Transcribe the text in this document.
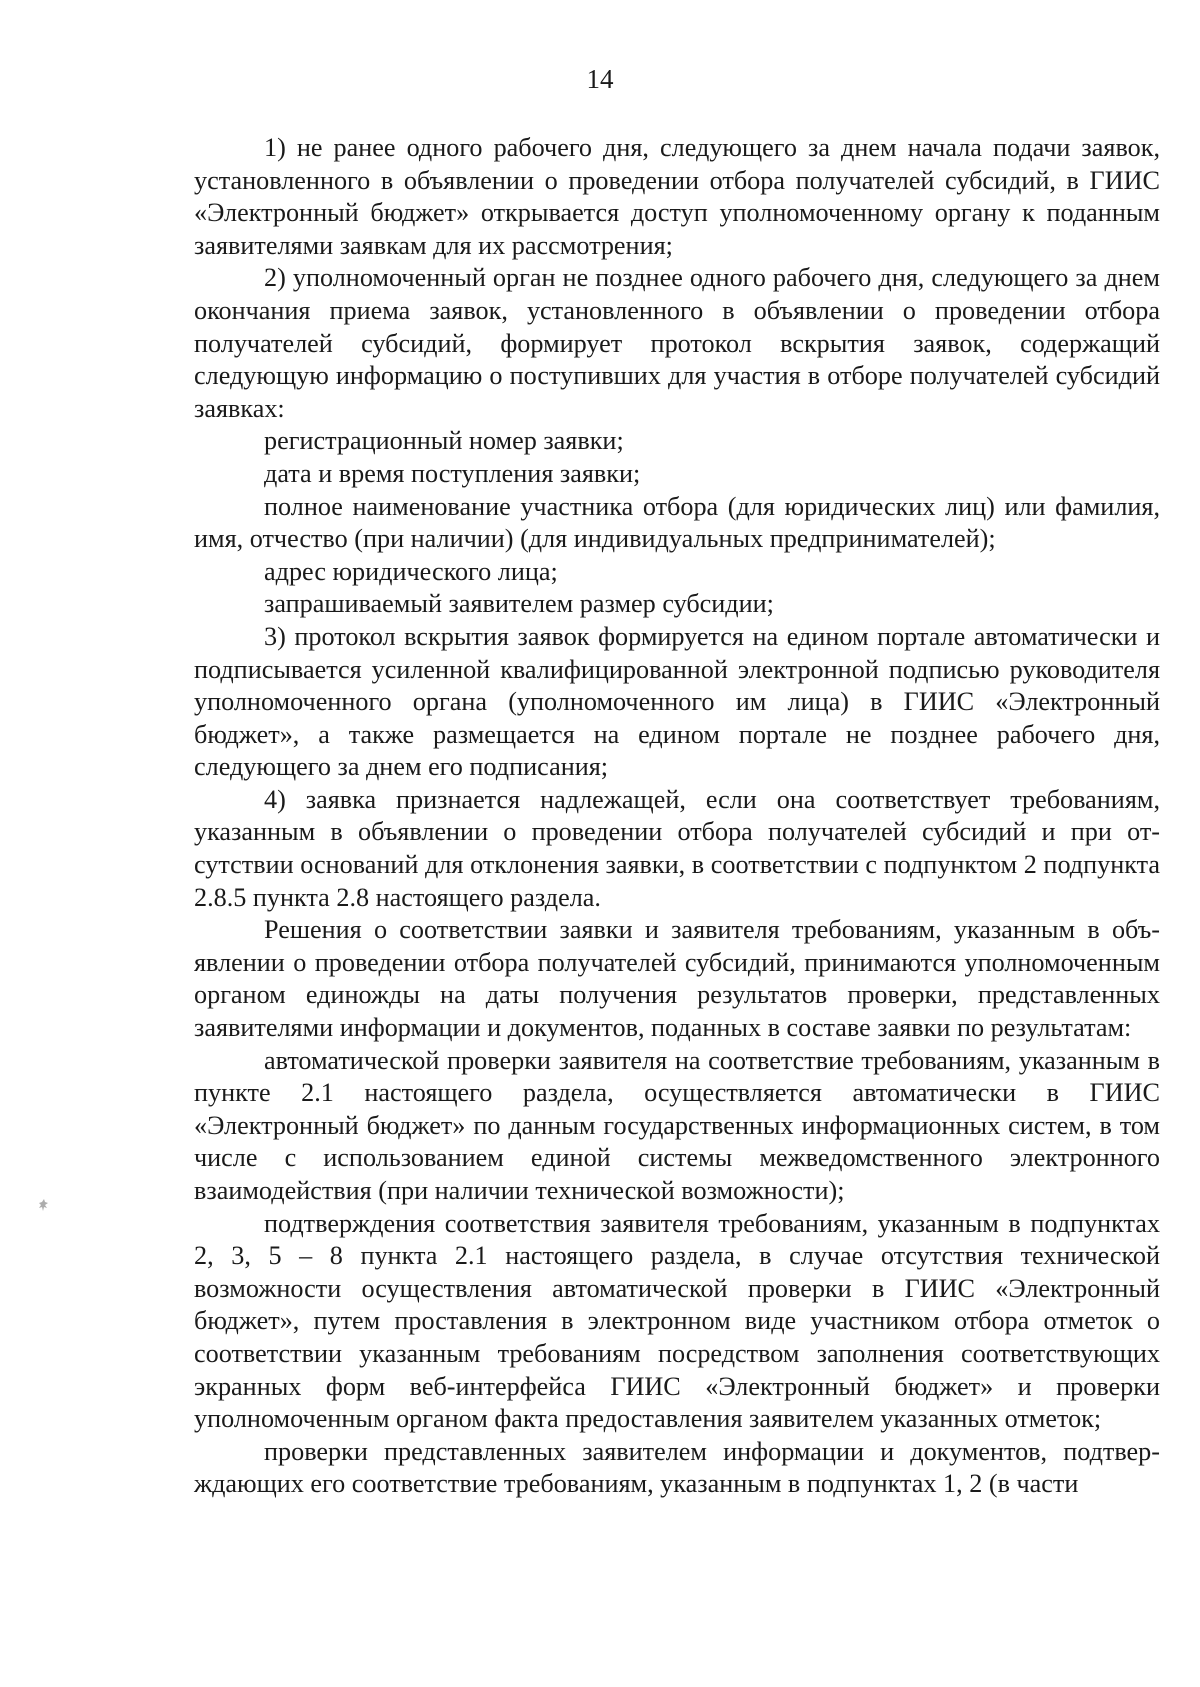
14

1) не ранее одного рабочего дня, следующего за днем начала подачи заявок, установленного в объявлении о проведении отбора получателей субсидий, в ГИИС «Электронный бюджет» открывается доступ уполномоченному органу к поданным заявителями заявкам для их рассмотрения;

2) уполномоченный орган не позднее одного рабочего дня, следующего за днем окончания приема заявок, установленного в объявлении о проведении отбора получателей субсидий, формирует протокол вскрытия заявок, содержащий следующую информацию о поступивших для участия в отборе получателей субсидий заявках:

регистрационный номер заявки;

дата и время поступления заявки;

полное наименование участника отбора (для юридических лиц) или фамилия, имя, отчество (при наличии) (для индивидуальных предпринимателей);

адрес юридического лица;

запрашиваемый заявителем размер субсидии;

3) протокол вскрытия заявок формируется на едином портале автоматически и подписывается усиленной квалифицированной электронной подписью руководителя уполномоченного органа (уполномоченного им лица) в ГИИС «Электронный бюджет», а также размещается на едином портале не позднее рабочего дня, следующего за днем его подписания;

4) заявка признается надлежащей, если она соответствует требованиям, указанным в объявлении о проведении отбора получателей субсидий и при отсутствии оснований для отклонения заявки, в соответствии с подпунктом 2 подпункта 2.8.5 пункта 2.8 настоящего раздела.

Решения о соответствии заявки и заявителя требованиям, указанным в объявлении о проведении отбора получателей субсидий, принимаются уполномоченным органом единожды на даты получения результатов проверки, представленных заявителями информации и документов, поданных в составе заявки по результатам:

автоматической проверки заявителя на соответствие требованиям, указанным в пункте 2.1 настоящего раздела, осуществляется автоматически в ГИИС «Электронный бюджет» по данным государственных информационных систем, в том числе с использованием единой системы межведомственного электронного взаимодействия (при наличии технической возможности);

подтверждения соответствия заявителя требованиям, указанным в подпунктах 2, 3, 5 – 8 пункта 2.1 настоящего раздела, в случае отсутствия технической возможности осуществления автоматической проверки в ГИИС «Электронный бюджет», путем проставления в электронном виде участником отбора отметок о соответствии указанным требованиям посредством заполнения соответствующих экранных форм веб-интерфейса ГИИС «Электронный бюджет» и проверки уполномоченным органом факта предоставления заявителем указанных отметок;

проверки представленных заявителем информации и документов, подтверждающих его соответствие требованиям, указанным в подпунктах 1, 2 (в части
